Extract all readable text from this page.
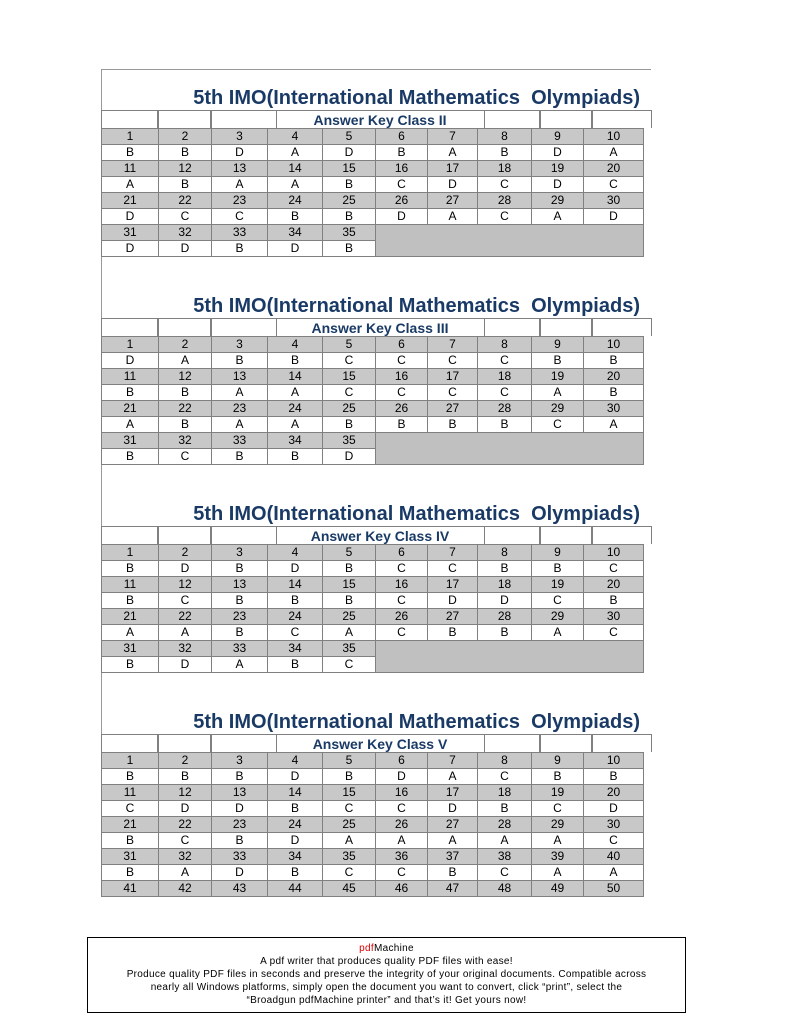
5th IMO(International Mathematics  Olympiads)
Answer Key Class II
1	2	3	4	5	6	7	8	9	10
B	B	D	A	D	B	A	B	D	A
11	12	13	14	15	16	17	18	19	20
A	B	A	A	B	C	D	C	D	C
21	22	23	24	25	26	27	28	29	30
D	C	C	B	B	D	A	C	A	D
31	32	33	34	35					
D	D	B	D	B					
5th IMO(International Mathematics  Olympiads)
Answer Key Class III
1	2	3	4	5	6	7	8	9	10
D	A	B	B	C	C	C	C	B	B
11	12	13	14	15	16	17	18	19	20
B	B	A	A	C	C	C	C	A	B
21	22	23	24	25	26	27	28	29	30
A	B	A	A	B	B	B	B	C	A
31	32	33	34	35					
B	C	B	B	D					
5th IMO(International Mathematics  Olympiads)
Answer Key Class IV
1	2	3	4	5	6	7	8	9	10
B	D	B	D	B	C	C	B	B	C
11	12	13	14	15	16	17	18	19	20
B	C	B	B	B	C	D	D	C	B
21	22	23	24	25	26	27	28	29	30
A	A	B	C	A	C	B	B	A	C
31	32	33	34	35					
B	D	A	B	C					
5th IMO(International Mathematics  Olympiads)
Answer Key Class V
1	2	3	4	5	6	7	8	9	10
B	B	B	D	B	D	A	C	B	B
11	12	13	14	15	16	17	18	19	20
C	D	D	B	C	C	D	B	C	D
21	22	23	24	25	26	27	28	29	30
B	C	B	D	A	A	A	A	A	C
31	32	33	34	35	36	37	38	39	40
B	A	D	B	C	C	B	C	A	A
41	42	43	44	45	46	47	48	49	50
pdfMachine
A pdf writer that produces quality PDF files with ease!
Produce quality PDF files in seconds and preserve the integrity of your original documents. Compatible across
nearly all Windows platforms, simply open the document you want to convert, click “print”, select the
“Broadgun pdfMachine printer” and that’s it! Get yours now!
